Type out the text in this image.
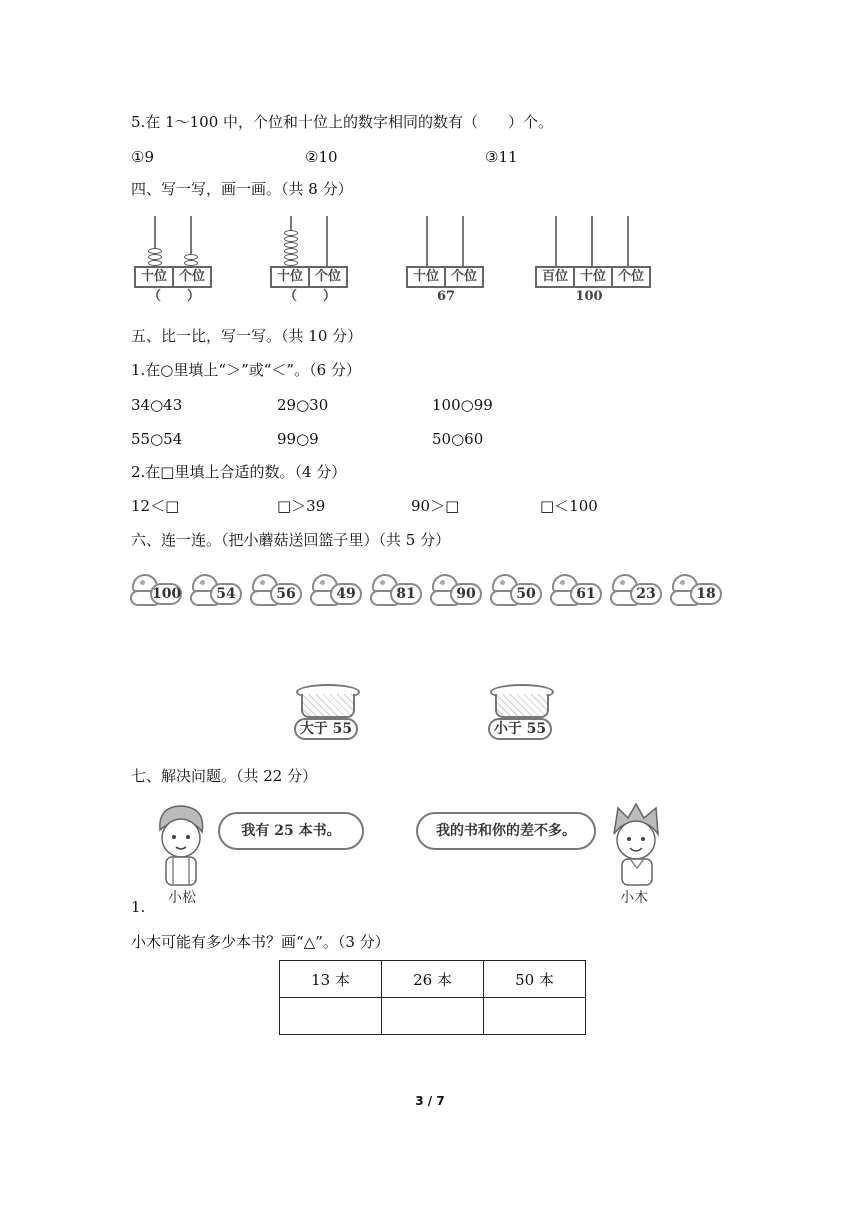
5.在 1～100 中，个位和十位上的数字相同的数有（　　）个。
①9	②10	③11
四、写一写，画一画。（共 8 分）
十位 个位
（　　）
十位 个位
（　　）
十位 个位
67
百位 十位 个位
100
五、比一比，写一写。（共 10 分）
1.在○里填上“＞”或“＜”。（6 分）
34○43	29○30	100○99
55○54	99○9	50○60
2.在□里填上合适的数。（4 分）
12＜□	□＞39	90＞□	□＜100
六、连一连。（把小蘑菇送回篮子里）（共 5 分）
100	54	56	49	81	90	50	61	23	18
大于 55	小于 55
七、解决问题。（共 22 分）
小松
我有 25 本书。	我的书和你的差不多。
小木
1.
小木可能有多少本书？画“△”。（3 分）
13 本	26 本	50 本

3 / 7
